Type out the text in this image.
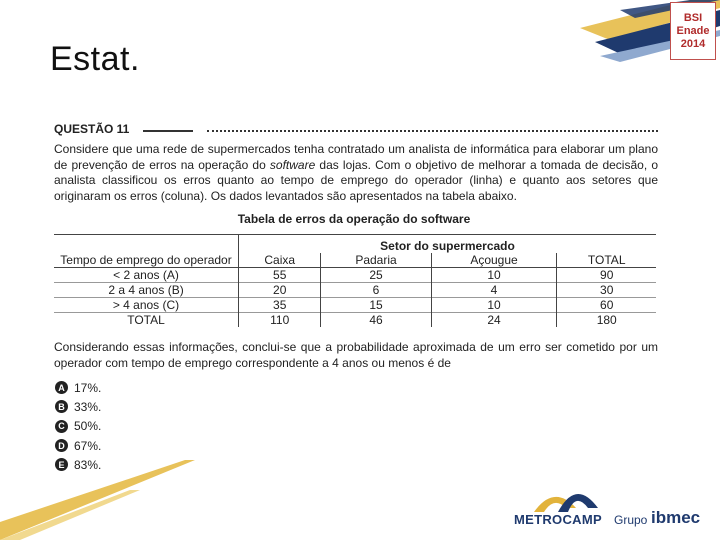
BSI
Enade
2014
Estat.
QUESTÃO 11
Considere que uma rede de supermercados tenha contratado um analista de informática para elaborar um plano de prevenção de erros na operação do software das lojas. Com o objetivo de melhorar a tomada de decisão, o analista classificou os erros quanto ao tempo de emprego do operador (linha) e quanto aos setores que originaram os erros (coluna). Os dados levantados são apresentados na tabela abaixo.
Tabela de erros da operação do software
	Setor do supermercado			
Tempo de emprego do operador	Caixa	Padaria	Açougue	TOTAL
< 2 anos (A)	55	25	10	90
2 a 4 anos (B)	20	6	4	30
> 4 anos (C)	35	15	10	60
TOTAL	110	46	24	180
Considerando essas informações, conclui-se que a probabilidade aproximada de um erro ser cometido por um operador com tempo de emprego correspondente a 4 anos ou menos é de
A 17%.
B 33%.
C 50%.
D 67%.
E 83%.
METROCAMP Grupo ibmec
